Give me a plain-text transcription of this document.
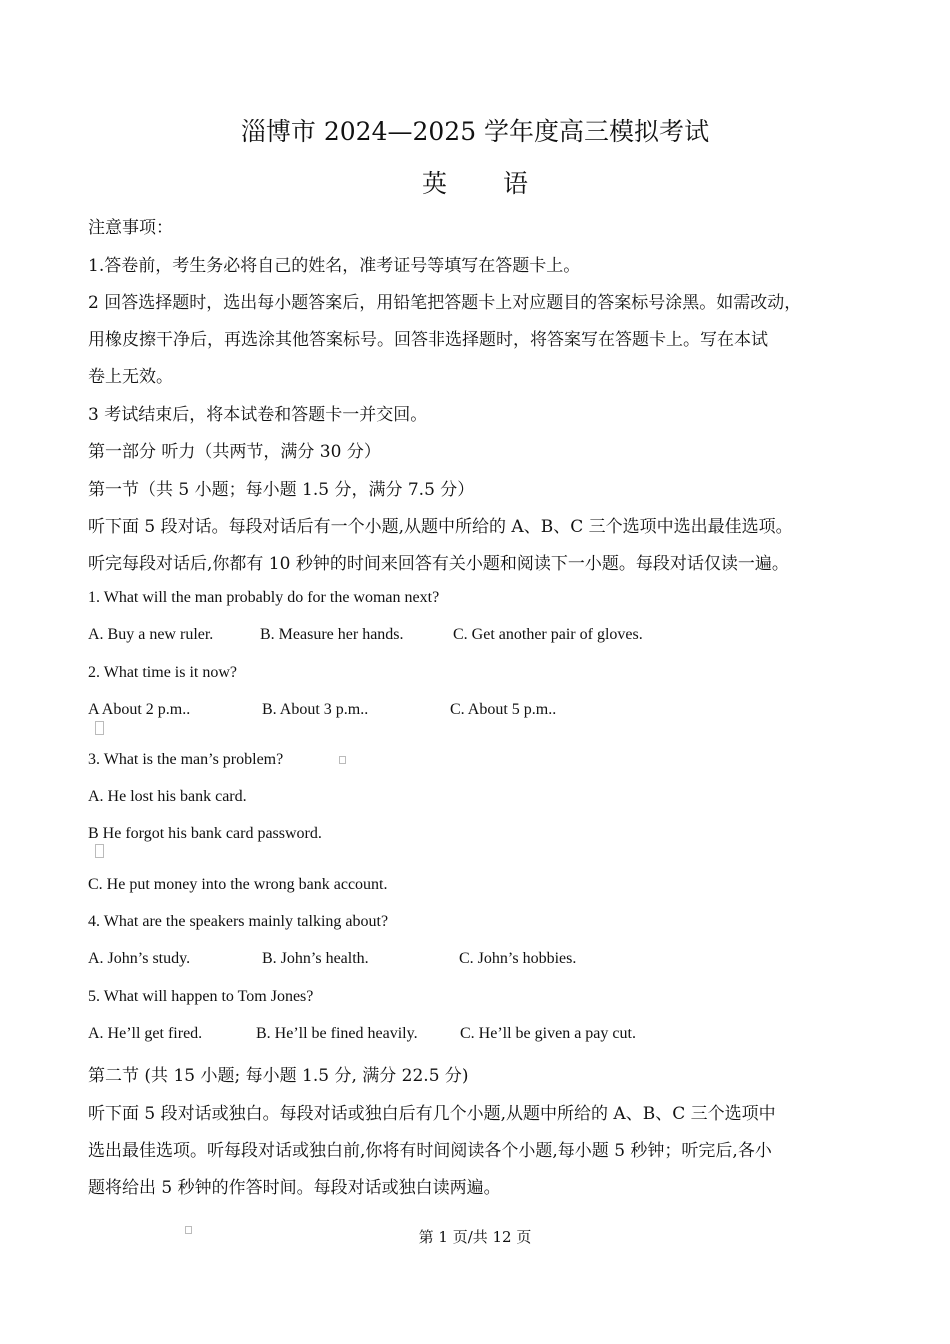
淄博市 2024—2025 学年度高三模拟考试
英语
注意事项：
1.答卷前，考生务必将自己的姓名，准考证号等填写在答题卡上。
2 回答选择题时，选出每小题答案后，用铅笔把答题卡上对应题目的答案标号涂黑。如需改动，
用橡皮擦干净后，再选涂其他答案标号。回答非选择题时，将答案写在答题卡上。写在本试
卷上无效。
3 考试结束后，将本试卷和答题卡一并交回。
第一部分 听力（共两节，满分 30 分）
第一节（共 5 小题；每小题 1.5 分，满分 7.5 分）
听下面 5 段对话。每段对话后有一个小题,从题中所给的 A、B、C 三个选项中选出最佳选项。
听完每段对话后,你都有 10 秒钟的时间来回答有关小题和阅读下一小题。每段对话仅读一遍。
1. What will the man probably do for the woman next?
A. Buy a new ruler.	B. Measure her hands.	C. Get another pair of gloves.
2. What time is it now?
A About 2 p.m..	B. About 3 p.m..	C. About 5 p.m..
3. What is the man’s problem?
A. He lost his bank card.
B He forgot his bank card password.
C. He put money into the wrong bank account.
4. What are the speakers mainly talking about?
A. John’s study.	B. John’s health.	C. John’s hobbies.
5. What will happen to Tom Jones?
A. He’ll get fired.	B. He’ll be fined heavily.	C. He’ll be given a pay cut.
第二节 (共 15 小题; 每小题 1.5 分, 满分 22.5 分)
听下面 5 段对话或独白。每段对话或独白后有几个小题,从题中所给的 A、B、C 三个选项中
选出最佳选项。听每段对话或独白前,你将有时间阅读各个小题,每小题 5 秒钟；听完后,各小
题将给出 5 秒钟的作答时间。每段对话或独白读两遍。
第 1 页/共 12 页
